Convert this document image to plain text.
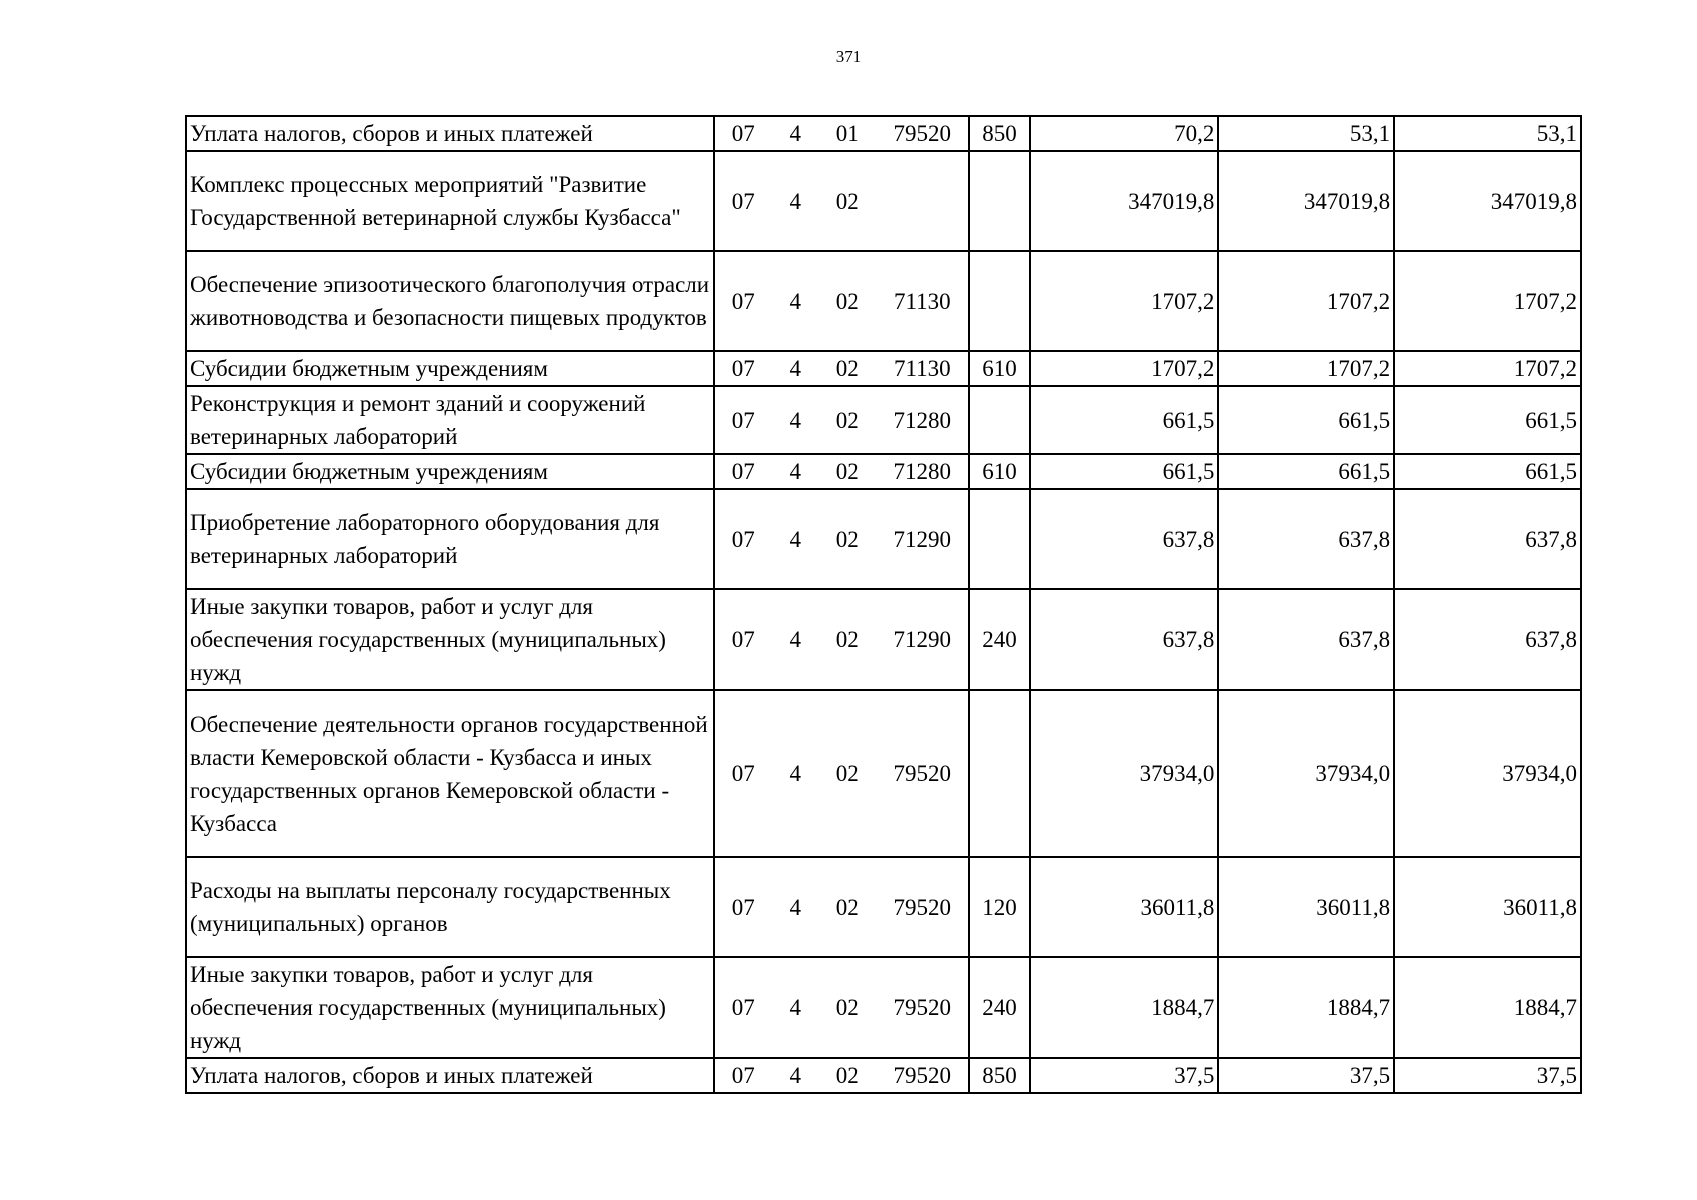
371
Уплата налогов, сборов и иных платежей	07 4 01 79520	850	70,2	53,1	53,1
Комплекс процессных мероприятий "Развитие Государственной ветеринарной службы Кузбасса"	07 4 02		347019,8	347019,8	347019,8
Обеспечение эпизоотического благополучия отрасли животноводства и безопасности пищевых продуктов	07 4 02 71130		1707,2	1707,2	1707,2
Субсидии бюджетным учреждениям	07 4 02 71130	610	1707,2	1707,2	1707,2
Реконструкция и ремонт зданий и сооружений ветеринарных лабораторий	07 4 02 71280		661,5	661,5	661,5
Субсидии бюджетным учреждениям	07 4 02 71280	610	661,5	661,5	661,5
Приобретение лабораторного оборудования для ветеринарных лабораторий	07 4 02 71290		637,8	637,8	637,8
Иные закупки товаров, работ и услуг для обеспечения государственных (муниципальных) нужд	07 4 02 71290	240	637,8	637,8	637,8
Обеспечение деятельности органов государственной власти Кемеровской области - Кузбасса и иных государственных органов Кемеровской области - Кузбасса	07 4 02 79520		37934,0	37934,0	37934,0
Расходы на выплаты персоналу государственных (муниципальных) органов	07 4 02 79520	120	36011,8	36011,8	36011,8
Иные закупки товаров, работ и услуг для обеспечения государственных (муниципальных) нужд	07 4 02 79520	240	1884,7	1884,7	1884,7
Уплата налогов, сборов и иных платежей	07 4 02 79520	850	37,5	37,5	37,5
